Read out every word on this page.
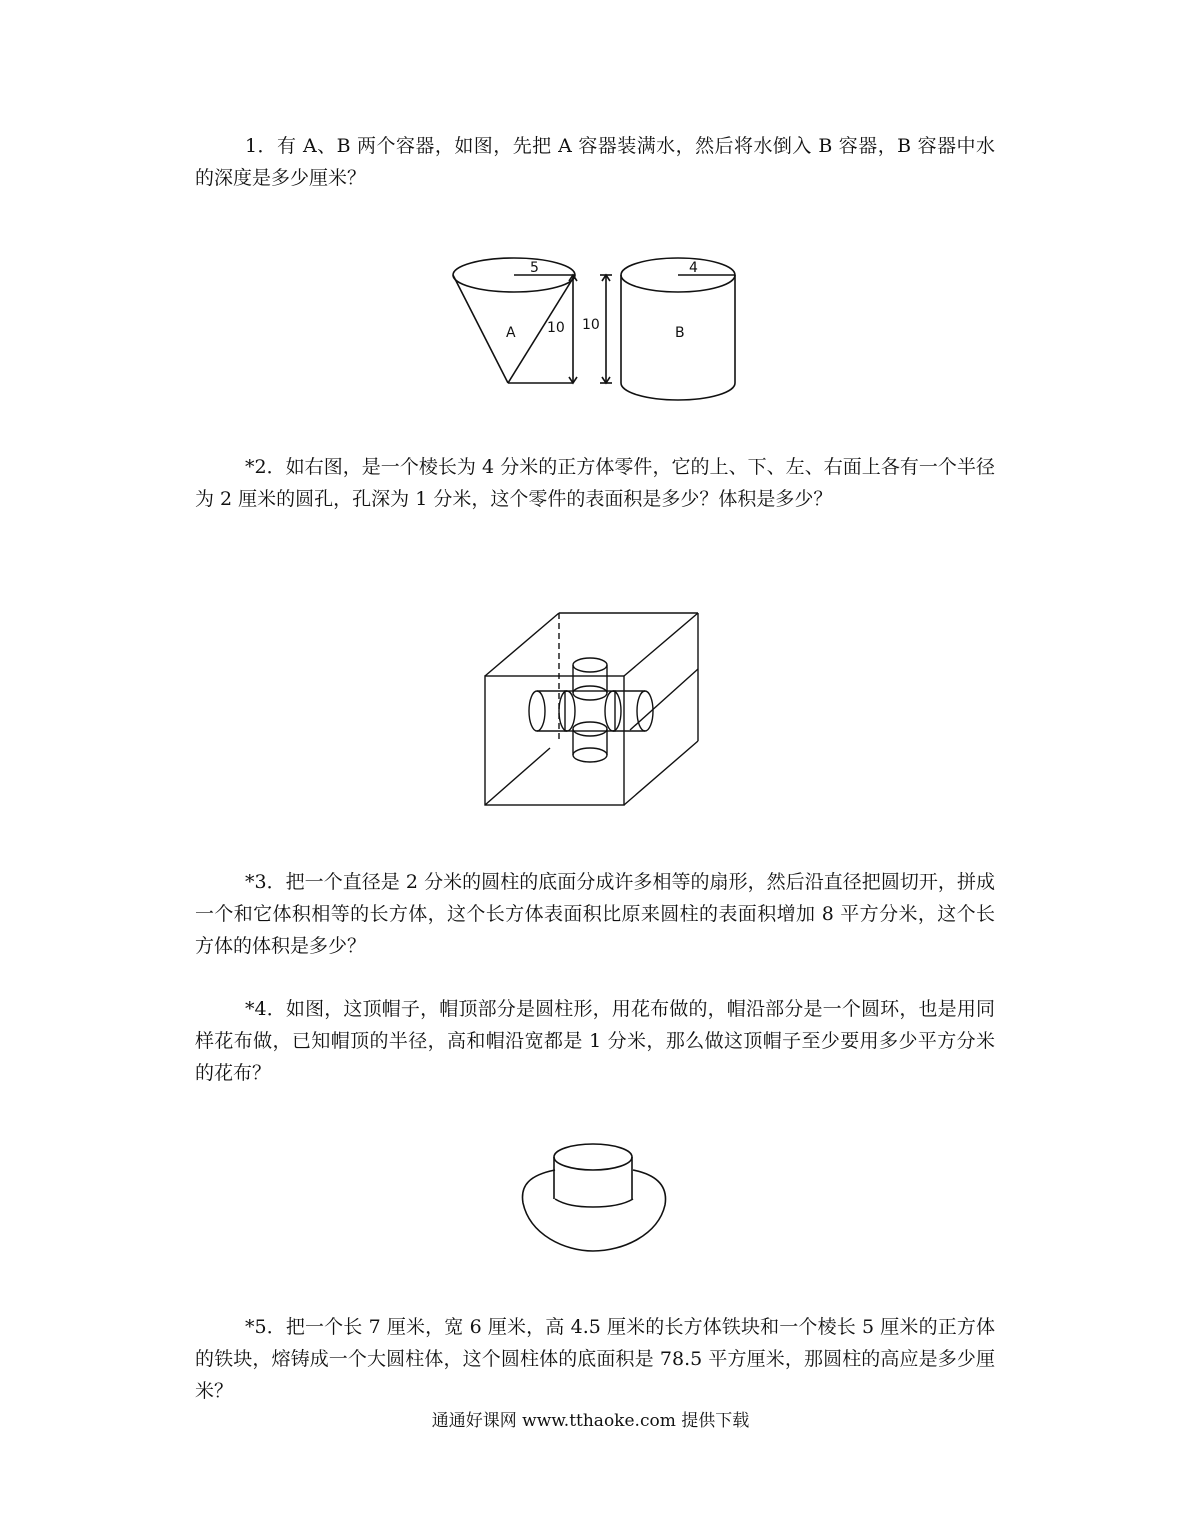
1．有 A、B 两个容器，如图，先把 A 容器装满水，然后将水倒入 B 容器，B 容器中水的深度是多少厘米？

5
A 10
4
10	B

*2．如右图，是一个棱长为 4 分米的正方体零件，它的上、下、左、右面上各有一个半径为 2 厘米的圆孔，孔深为 1 分米，这个零件的表面积是多少？体积是多少？

*3．把一个直径是 2 分米的圆柱的底面分成许多相等的扇形，然后沿直径把圆切开，拼成一个和它体积相等的长方体，这个长方体表面积比原来圆柱的表面积增加 8 平方分米，这个长方体的体积是多少？

*4．如图，这顶帽子，帽顶部分是圆柱形，用花布做的，帽沿部分是一个圆环，也是用同样花布做，已知帽顶的半径，高和帽沿宽都是 1 分米，那么做这顶帽子至少要用多少平方分米的花布？

*5．把一个长 7 厘米，宽 6 厘米，高 4.5 厘米的长方体铁块和一个棱长 5 厘米的正方体的铁块，熔铸成一个大圆柱体，这个圆柱体的底面积是 78.5 平方厘米，那圆柱的高应是多少厘米？

通通好课网 www.tthaoke.com 提供下载
